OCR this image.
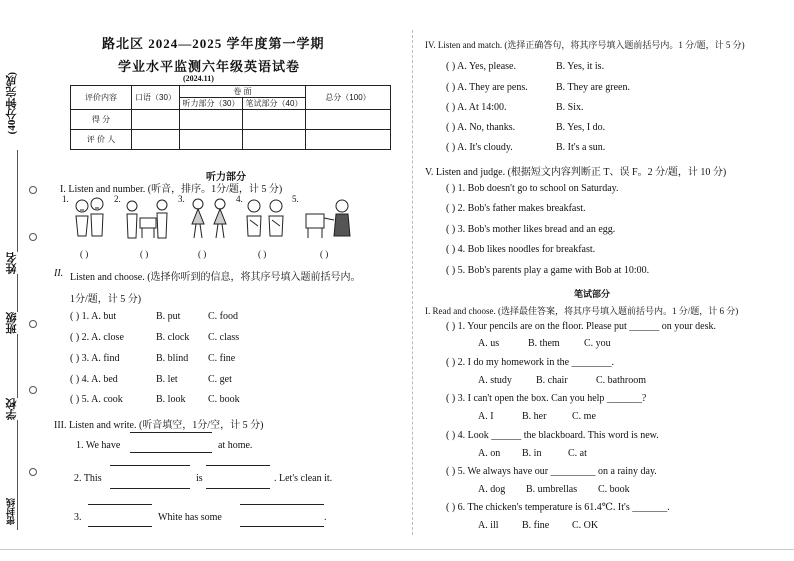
(40分钟完成)
姓名
班级
学校
密封线
路北区 2024—2025 学年度第一学期
学业水平监测六年级英语试卷
(2024.11)
评价内容	口语（30）	卷 面		总分（100）
		听力部分（30）	笔试部分（40）	
得 分				
评 价 人				
听力部分
I. Listen and number. (听音，排序。1分/题，计 5 分)
1.	2.	3.	4.	5.
( )	( )	( )	( )	( )
II. Listen and choose. (选择你听到的信息，将其序号填入题前括号内。
1分/题，计 5 分)
( ) 1. A. but	B. put	C. food
( ) 2. A. close	B. clock C. class
( ) 3. A. find	B. blind C. fine
( ) 4. A. bed	B. let	C. get
( ) 5. A. cook	B. look C. book
III. Listen and write. (听音填空，1分/空，计 5 分)
1. We have	at home.
2. This	is	. Let's clean it.
3.	White has some	.
IV. Listen and match. (选择正确答句，将其序号填入题前括号内。1 分/题，计 5 分)
( ) A. Yes, please.	B. Yes, it is.
( ) A. They are pens.	B. They are green.
( ) A. At 14:00.	B. Six.
( ) A. No, thanks.	B. Yes, I do.
( ) A. It's cloudy.	B. It's a sun.
V. Listen and judge. (根据短文内容判断正 T、误 F。2 分/题，计 10 分)
( ) 1. Bob doesn't go to school on Saturday.
( ) 2. Bob's father makes breakfast.
( ) 3. Bob's mother likes bread and an egg.
( ) 4. Bob likes noodles for breakfast.
( ) 5. Bob's parents play a game with Bob at 10:00.
笔试部分
I. Read and choose. (选择最佳答案，将其序号填入题前括号内。1 分/题，计 6 分)
( ) 1. Your pencils are on the floor. Please put ______ on your desk.
A. us	B. them C. you
( ) 2. I do my homework in the ________.
A. study B. chair	C. bathroom
( ) 3. I can't open the box. Can you help _______?
A. I	B. her	C. me
( ) 4. Look ______ the blackboard. This word is new.
A. on B. in	C. at
( ) 5. We always have our _________ on a rainy day.
A. dog B. umbrellas C. book
( ) 6. The chicken's temperature is 61.4℃. It's _______.
A. ill B. fine C. OK
